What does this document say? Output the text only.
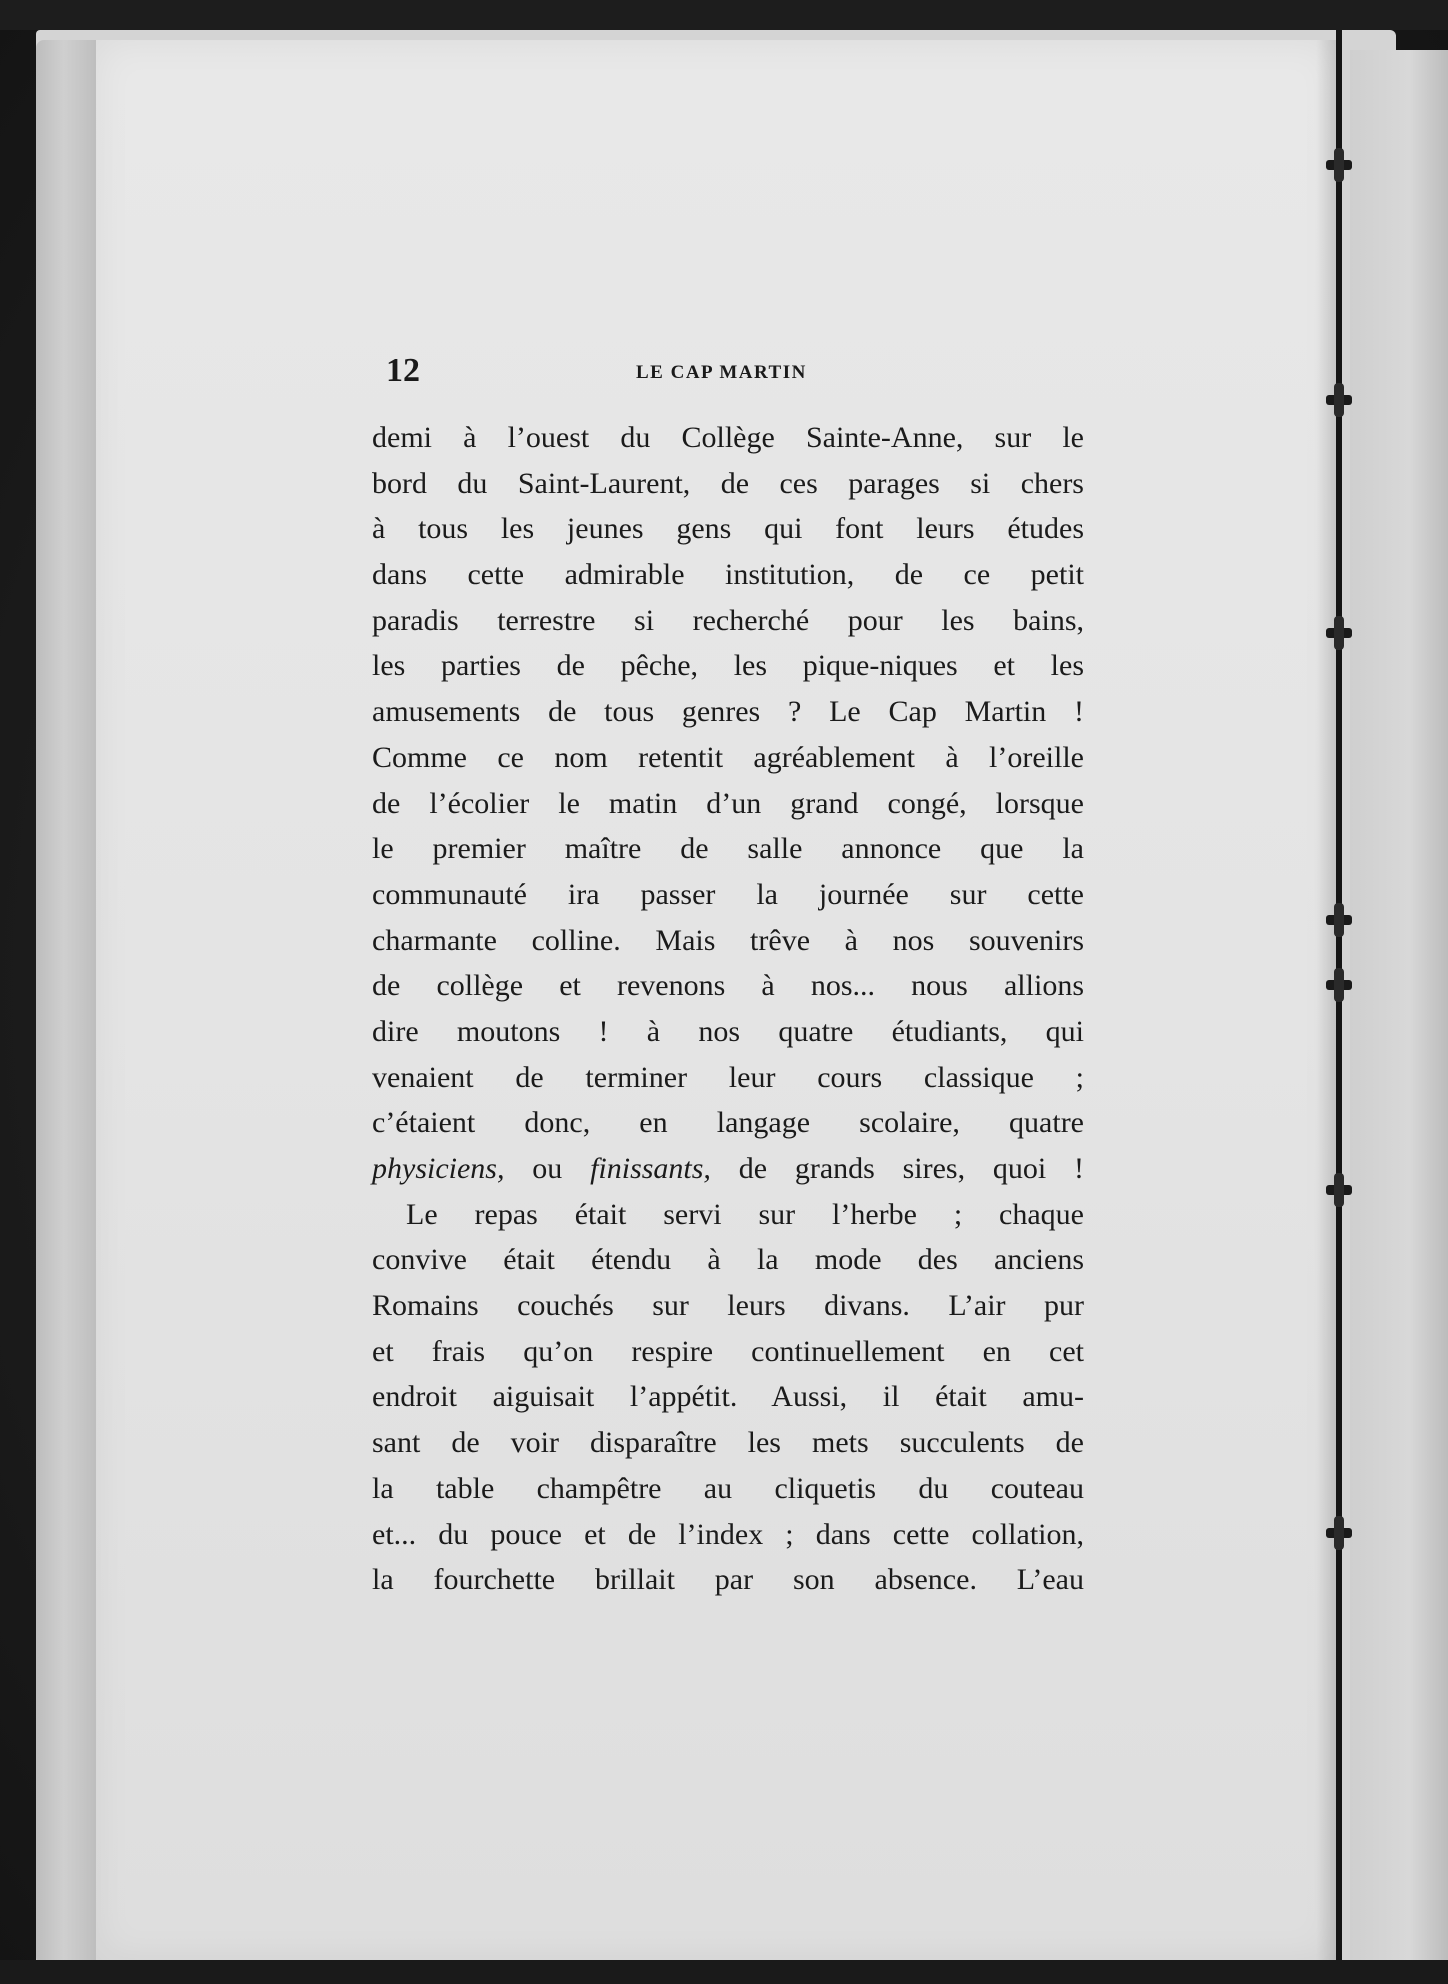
12	LE CAP MARTIN
demi à l’ouest du Collège Sainte-Anne, sur le
bord du Saint-Laurent, de ces parages si chers
à tous les jeunes gens qui font leurs études
dans cette admirable institution, de ce petit
paradis terrestre si recherché pour les bains,
les parties de pêche, les pique-niques et les
amusements de tous genres ? Le Cap Martin !
Comme ce nom retentit agréablement à l’oreille
de l’écolier le matin d’un grand congé, lorsque
le premier maître de salle annonce que la
communauté ira passer la journée sur cette
charmante colline. Mais trêve à nos souvenirs
de collège et revenons à nos... nous allions
dire moutons ! à nos quatre étudiants, qui
venaient de terminer leur cours classique ;
c’étaient donc, en langage scolaire, quatre
physiciens, ou finissants, de grands sires, quoi !
Le repas était servi sur l’herbe ; chaque
convive était étendu à la mode des anciens
Romains couchés sur leurs divans. L’air pur
et frais qu’on respire continuellement en cet
endroit aiguisait l’appétit. Aussi, il était amu-
sant de voir disparaître les mets succulents de
la table champêtre au cliquetis du couteau
et... du pouce et de l’index ; dans cette collation,
la fourchette brillait par son absence. L’eau
